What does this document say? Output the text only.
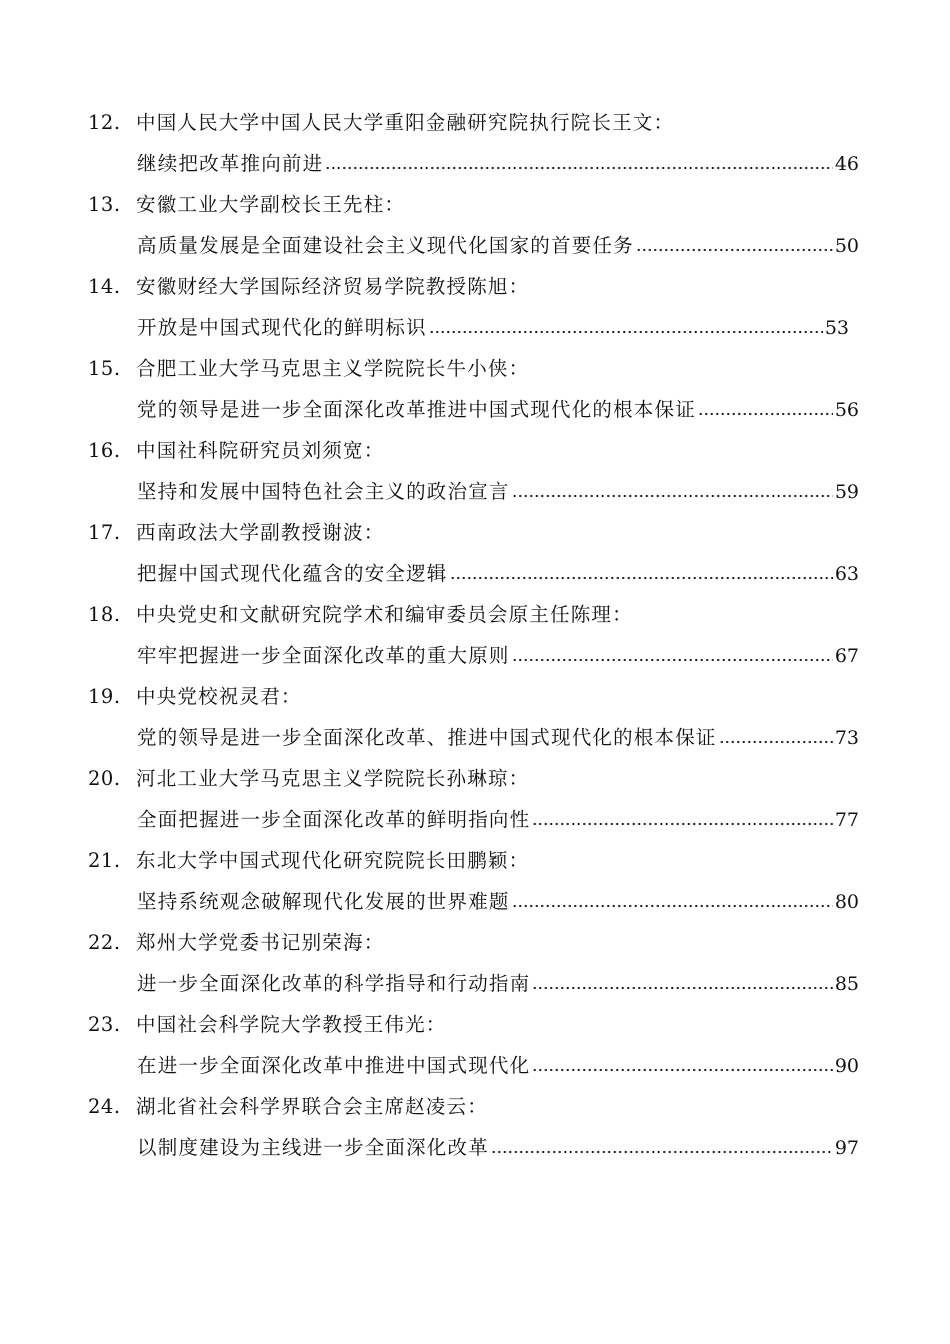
12. 中国人民大学中国人民大学重阳金融研究院执行院长王文：
继续把改革推向前进	46
13. 安徽工业大学副校长王先柱：
高质量发展是全面建设社会主义现代化国家的首要任务	50
14. 安徽财经大学国际经济贸易学院教授陈旭：
开放是中国式现代化的鲜明标识	53
15. 合肥工业大学马克思主义学院院长牛小侠：
党的领导是进一步全面深化改革推进中国式现代化的根本保证	56
16. 中国社科院研究员刘须宽：
坚持和发展中国特色社会主义的政治宣言	59
17. 西南政法大学副教授谢波：
把握中国式现代化蕴含的安全逻辑	63
18. 中央党史和文献研究院学术和编审委员会原主任陈理：
牢牢把握进一步全面深化改革的重大原则	67
19. 中央党校祝灵君：
党的领导是进一步全面深化改革、推进中国式现代化的根本保证	73
20. 河北工业大学马克思主义学院院长孙琳琼：
全面把握进一步全面深化改革的鲜明指向性	77
21. 东北大学中国式现代化研究院院长田鹏颖：
坚持系统观念破解现代化发展的世界难题	80
22. 郑州大学党委书记别荣海：
进一步全面深化改革的科学指导和行动指南	85
23. 中国社会科学院大学教授王伟光：
在进一步全面深化改革中推进中国式现代化	90
24. 湖北省社会科学界联合会主席赵凌云：
以制度建设为主线进一步全面深化改革	97
